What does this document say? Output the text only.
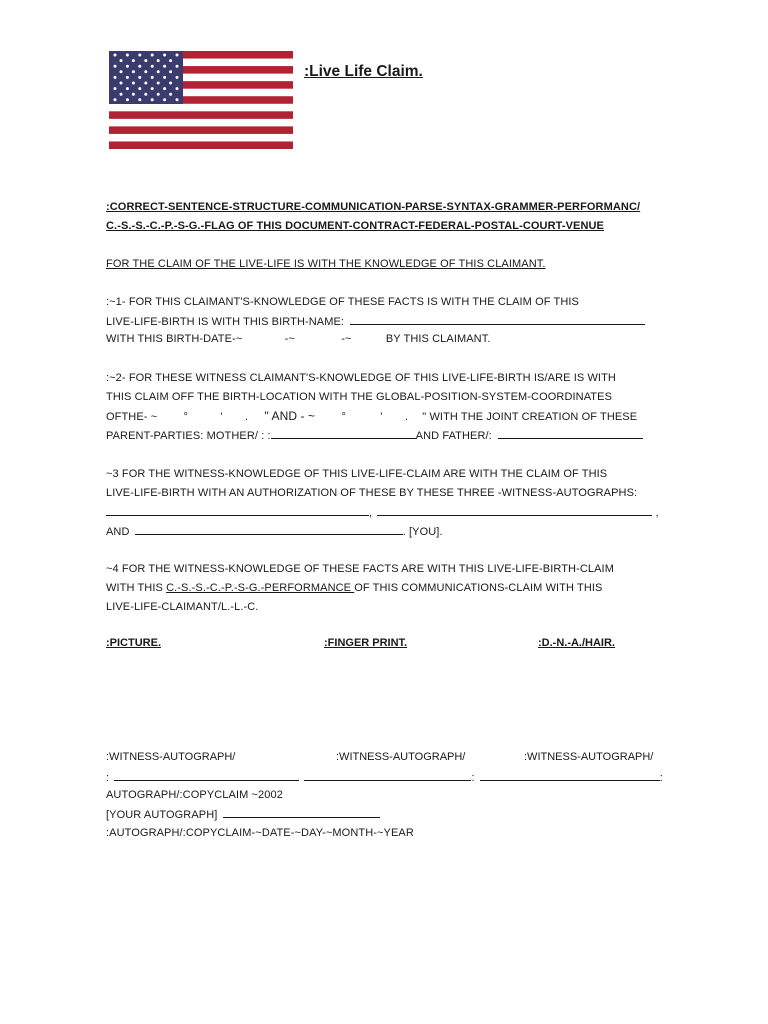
:Live Life Claim.
:CORRECT-SENTENCE-STRUCTURE-COMMUNICATION-PARSE-SYNTAX-GRAMMER-PERFORMANC/
C.-S.-S.-C.-P.-S-G.-FLAG OF THIS DOCUMENT-CONTRACT-FEDERAL-POSTAL-COURT-VENUE
FOR THE CLAIM OF THE LIVE-LIFE IS WITH THE KNOWLEDGE OF THIS CLAIMANT.
:~1- FOR THIS CLAIMANT'S-KNOWLEDGE OF THESE FACTS IS WITH THE CLAIM OF THIS
LIVE-LIFE-BIRTH IS WITH THIS BIRTH-NAME:
WITH THIS BIRTH-DATE-~	-~	-~	BY THIS CLAIMANT.
:~2- FOR THESE WITNESS CLAIMANT'S-KNOWLEDGE OF THIS LIVE-LIFE-BIRTH IS/ARE IS WITH
THIS CLAIM OFF THE BIRTH-LOCATION WITH THE GLOBAL-POSITION-SYSTEM-COORDINATES
OFTHE- ~ °	' . " AND - ~ °	' . " WITH THE JOINT CREATION OF THESE
PARENT-PARTIES: MOTHER/ : :	AND FATHER/:
~3 FOR THE WITNESS-KNOWLEDGE OF THIS LIVE-LIFE-CLAIM ARE WITH THE CLAIM OF THIS
LIVE-LIFE-BIRTH WITH AN AUTHORIZATION OF THESE BY THESE THREE -WITNESS-AUTOGRAPHS:
,	,
AND	. [YOU].
~4 FOR THE WITNESS-KNOWLEDGE OF THESE FACTS ARE WITH THIS LIVE-LIFE-BIRTH-CLAIM
WITH THIS C.-S.-S.-C.-P.-S-G.-PERFORMANCE OF THIS COMMUNICATIONS-CLAIM WITH THIS
LIVE-LIFE-CLAIMANT/L.-L.-C.
:PICTURE.	:FINGER PRINT.	:D.-N.-A./HAIR.
:WITNESS-AUTOGRAPH/	:WITNESS-AUTOGRAPH/	:WITNESS-AUTOGRAPH/
:	:	:
AUTOGRAPH/:COPYCLAIM ~2002
[YOUR AUTOGRAPH]
:AUTOGRAPH/:COPYCLAIM-~DATE-~DAY-~MONTH-~YEAR
